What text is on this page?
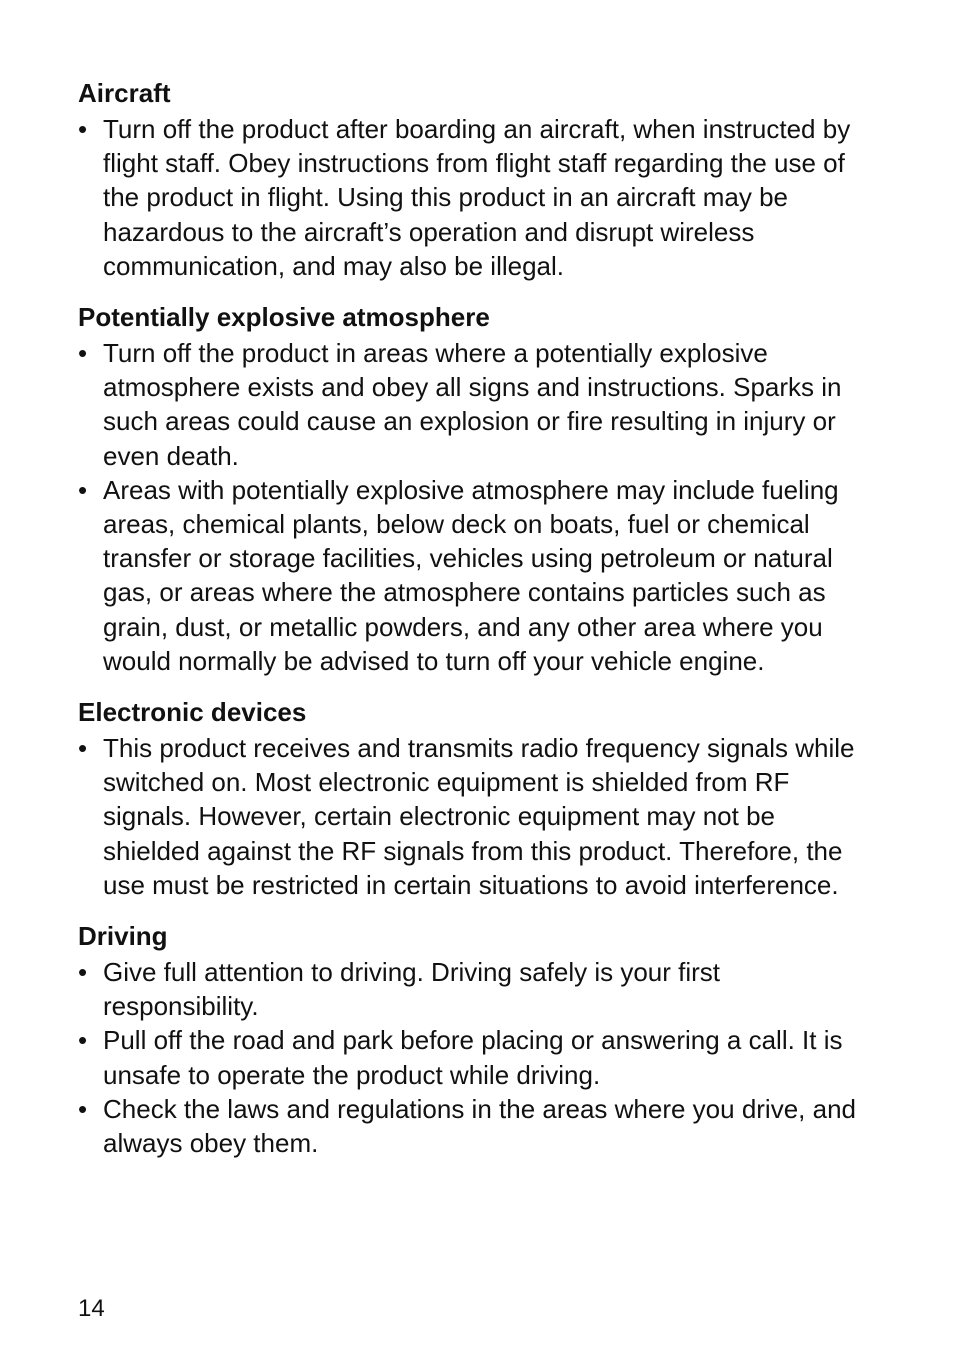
Aircraft
• Turn off the product after boarding an aircraft, when instructed by flight staff. Obey instructions from flight staff regarding the use of the product in flight. Using this product in an aircraft may be hazardous to the aircraft’s operation and disrupt wireless communication, and may also be illegal.
Potentially explosive atmosphere
• Turn off the product in areas where a potentially explosive atmosphere exists and obey all signs and instructions. Sparks in such areas could cause an explosion or fire resulting in injury or even death.
• Areas with potentially explosive atmosphere may include fueling areas, chemical plants, below deck on boats, fuel or chemical transfer or storage facilities, vehicles using petroleum or natural gas, or areas where the atmosphere contains particles such as grain, dust, or metallic powders, and any other area where you would normally be advised to turn off your vehicle engine.
Electronic devices
• This product receives and transmits radio frequency signals while switched on. Most electronic equipment is shielded from RF signals. However, certain electronic equipment may not be shielded against the RF signals from this product. Therefore, the use must be restricted in certain situations to avoid interference.
Driving
• Give full attention to driving. Driving safely is your first responsibility.
• Pull off the road and park before placing or answering a call. It is unsafe to operate the product while driving.
• Check the laws and regulations in the areas where you drive, and always obey them.
14
